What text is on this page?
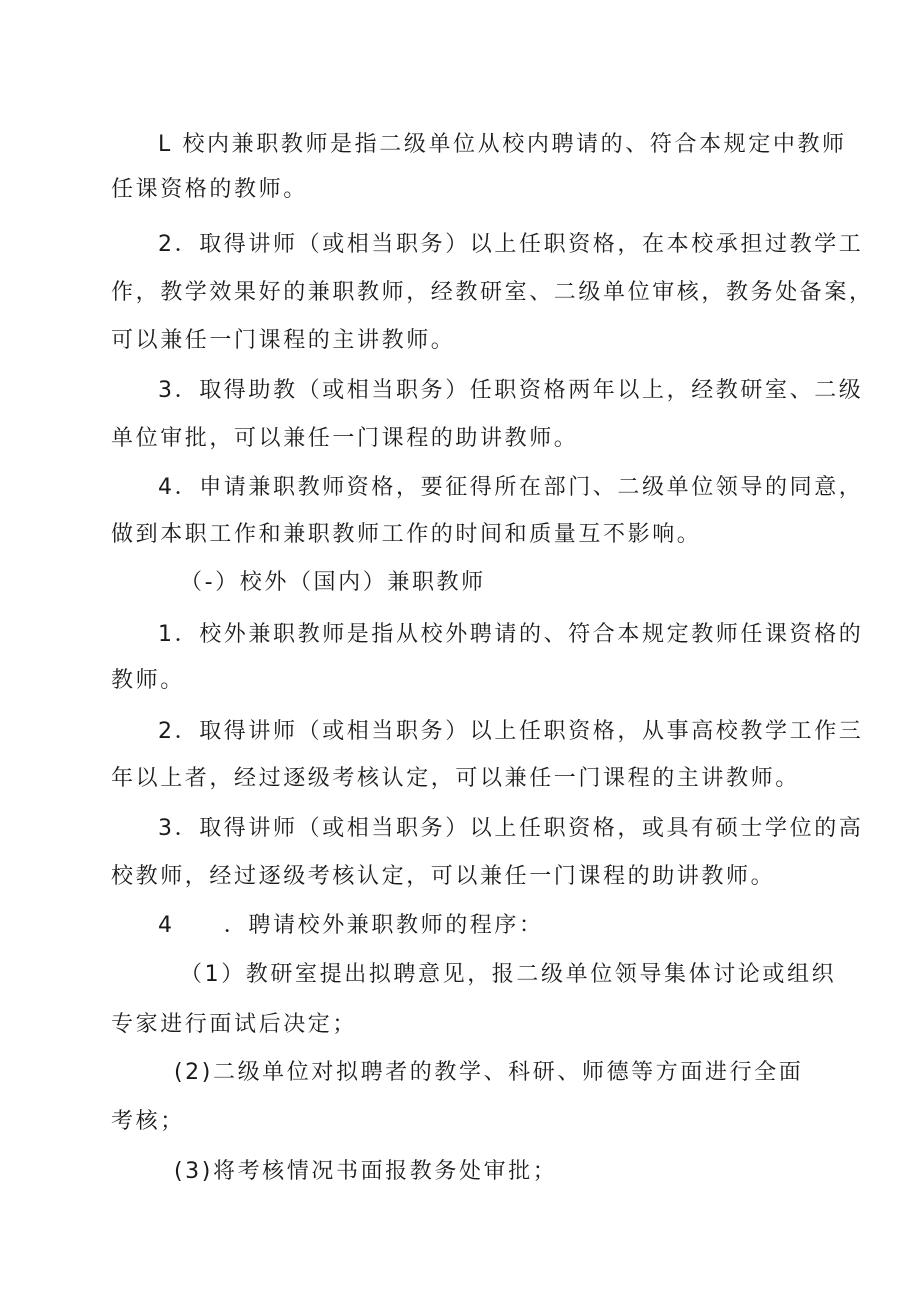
L 校内兼职教师是指二级单位从校内聘请的、符合本规定中教师
任课资格的教师。
2．取得讲师（或相当职务）以上任职资格，在本校承担过教学工
作，教学效果好的兼职教师，经教研室、二级单位审核，教务处备案，
可以兼任一门课程的主讲教师。
3．取得助教（或相当职务）任职资格两年以上，经教研室、二级
单位审批，可以兼任一门课程的助讲教师。
4．申请兼职教师资格，要征得所在部门、二级单位领导的同意，
做到本职工作和兼职教师工作的时间和质量互不影响。
（-）校外（国内）兼职教师
1．校外兼职教师是指从校外聘请的、符合本规定教师任课资格的
教师。
2．取得讲师（或相当职务）以上任职资格，从事高校教学工作三
年以上者，经过逐级考核认定，可以兼任一门课程的主讲教师。
3．取得讲师（或相当职务）以上任职资格，或具有硕士学位的高
校教师，经过逐级考核认定，可以兼任一门课程的助讲教师。
4　　．聘请校外兼职教师的程序：
（1）教研室提出拟聘意见，报二级单位领导集体讨论或组织
专家进行面试后决定；
(2)二级单位对拟聘者的教学、科研、师德等方面进行全面
考核；
(3)将考核情况书面报教务处审批；
